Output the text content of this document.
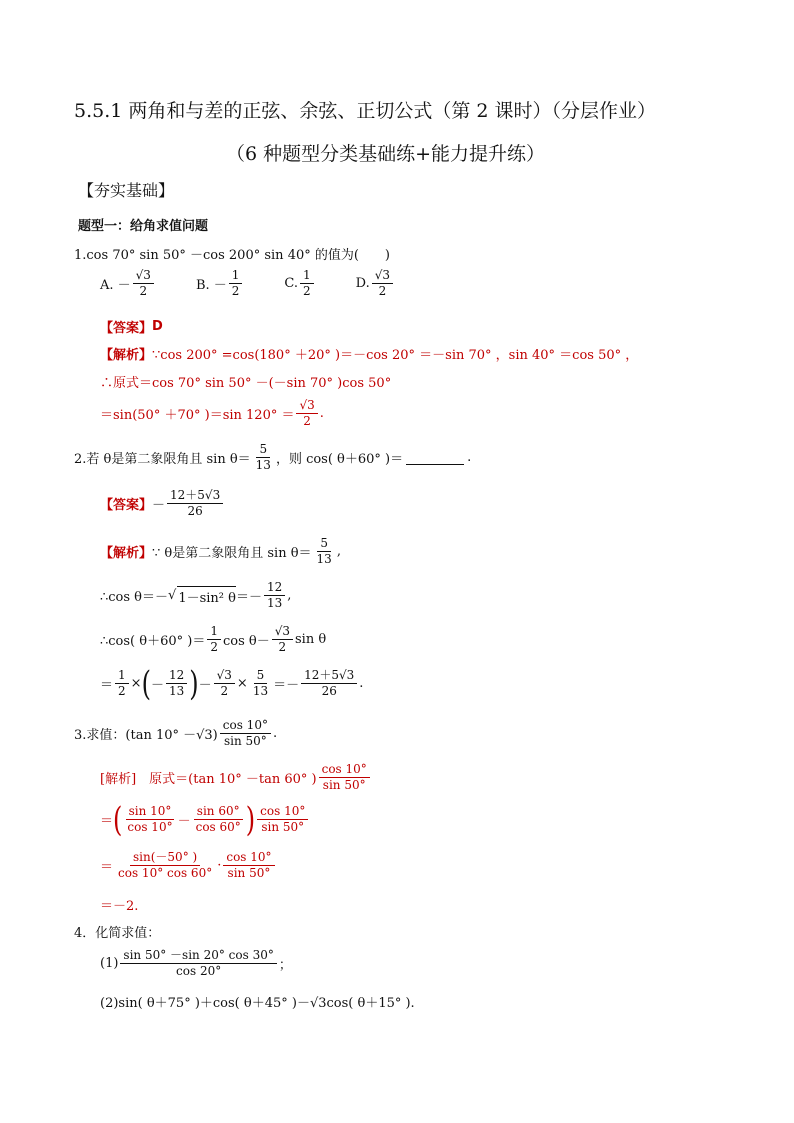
5.5.1 两角和与差的正弦、余弦、正切公式（第 2 课时）（分层作业）
（6 种题型分类基础练+能力提升练）
【夯实基础】
题型一：给角求值问题
1.cos 70° sin 50° －cos 200° sin 40° 的值为(　　)
A. － $\frac{√3}{2}$	B. － $\frac{1}{2}$	C. $\frac{1}{2}$	D. $\frac{√3}{2}$
【答案】 D
【解析】 ∵cos 200° =cos(180° ＋20° )＝－cos 20° ＝－sin 70° ，sin 40° ＝cos 50° ，
∴原式＝cos 70° sin 50° －(－sin 70° )cos 50°
＝sin(50° ＋70° )＝sin $120^\circ = \frac{√3}{2}$ .
2.若 θ是第二象限角且 $\sin \theta= \frac{5}{13}$ ，则 cos( θ＋60° )＝	.
【答案】 － $\frac{12+5√3}{26}$
【解析】 ∵ θ是第二象限角且 $\sin \theta= \frac{5}{13}$ ,
∴cos θ＝－ √ 1－sin² $\theta =- \frac{12}{13}$ ,
∴cos( θ＋60° )＝ $\frac{1}{2}$ $\cos \theta- \frac{√3}{2}$ sin θ
＝ $\frac{1}{2}$ × ( － $\frac{12}{13}$ ) － $\frac{√3}{2} \times \frac{5}{13} =- \frac{12+5√3}{26}$ .
3.求值：(tan $10^\circ -√3) \frac{\cos 10^\circ}{\sin 50^\circ}$ .
[解析]　原式＝(tan 10° －tan 60° ) $\frac{\cos 10^\circ}{\sin 50^\circ}$
＝ ( $\frac{\sin 10^\circ}{\cos 10^\circ} - \frac{\sin 60^\circ}{\cos 60^\circ}$ ) $\frac{\cos 10^\circ}{\sin 50^\circ}$
＝ $\frac{\sin(-50^\circ )}{\cos 10^\circ \cos 60^\circ} \cdot \frac{\cos 10^\circ}{\sin 50^\circ}$
＝－2.
4．化简求值：
$(1) \frac{\sin 50^\circ -\sin 20^\circ \cos 30^\circ}{\cos 20^\circ}$ ；
(2)sin( θ＋75° )＋cos( θ＋45° )－√3cos( θ＋15° ).
